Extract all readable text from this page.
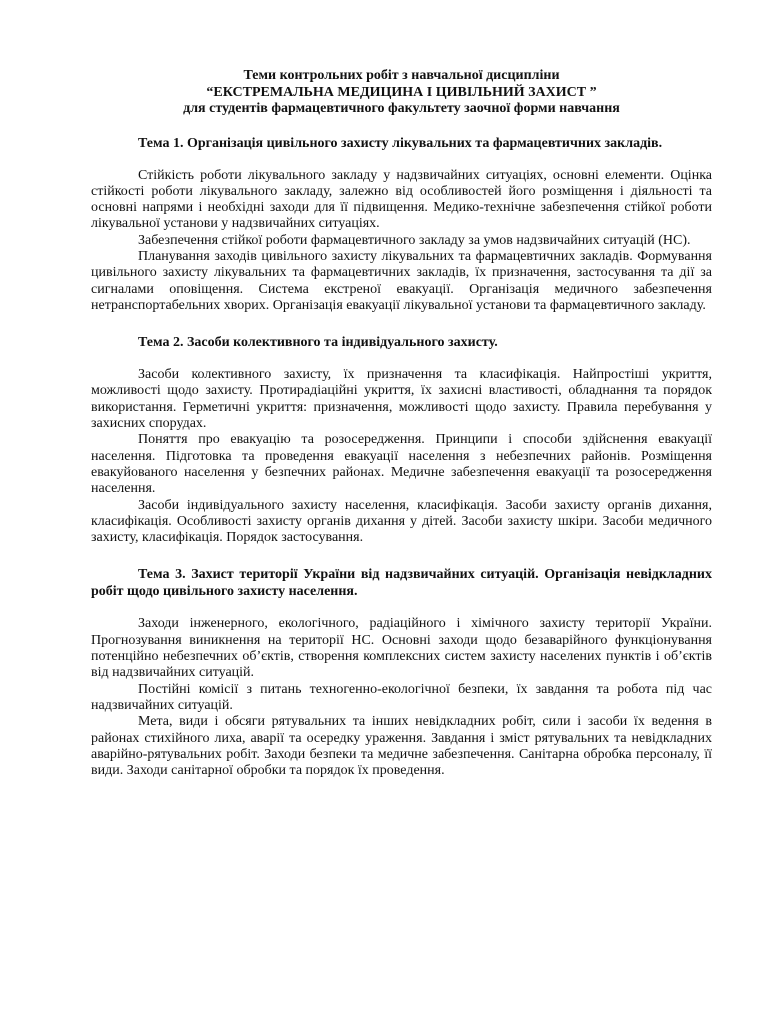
Теми контрольних робіт з навчальної дисципліни

“ЕКСТРЕМАЛЬНА МЕДИЦИНА І ЦИВІЛЬНИЙ ЗАХИСТ ”

для студентів фармацевтичного факультету заочної форми навчання

Тема 1. Організація цивільного захисту лікувальних та фармацевтичних закладів.

Стійкість роботи лікувального закладу у надзвичайних ситуаціях, основні елементи. Оцінка стійкості роботи лікувального закладу, залежно від особливостей його розміщення і діяльності та основні напрями і необхідні заходи для її підвищення. Медико-технічне забезпечення стійкої роботи лікувальної установи у надзвичайних ситуаціях.

Забезпечення стійкої роботи фармацевтичного закладу за умов надзвичайних ситуацій (НС).

Планування заходів цивільного захисту лікувальних та фармацевтичних закладів. Формування цивільного захисту лікувальних та фармацевтичних закладів, їх призначення, застосування та дії за сигналами оповіщення. Система екстреної евакуації. Організація медичного забезпечення нетранспортабельних хворих. Організація евакуації лікувальної установи та фармацевтичного закладу.

Тема 2. Засоби колективного та індивідуального захисту.

Засоби колективного захисту, їх призначення та класифікація. Найпростіші укриття, можливості щодо захисту. Протирадіаційні укриття, їх захисні властивості, обладнання та порядок використання. Герметичні укриття: призначення, можливості щодо захисту. Правила перебування у захисних спорудах.

Поняття про евакуацію та розосередження. Принципи і способи здійснення евакуації населення. Підготовка та проведення евакуації населення з небезпечних районів. Розміщення евакуйованого населення у безпечних районах. Медичне забезпечення евакуації та розосередження населення.

Засоби індивідуального захисту населення, класифікація. Засоби захисту органів дихання, класифікація. Особливості захисту органів дихання у дітей. Засоби захисту шкіри. Засоби медичного захисту, класифікація. Порядок застосування.

Тема 3. Захист території України від надзвичайних ситуацій. Організація невідкладних робіт щодо цивільного захисту населення.

Заходи інженерного, екологічного, радіаційного і хімічного захисту території України. Прогнозування виникнення на території НС. Основні заходи щодо безаварійного функціонування потенційно небезпечних об’єктів, створення комплексних систем захисту населених пунктів і об’єктів від надзвичайних ситуацій.

Постійні комісії з питань техногенно-екологічної безпеки, їх завдання та робота під час надзвичайних ситуацій.

Мета, види і обсяги рятувальних та інших невідкладних робіт, сили і засоби їх ведення в районах стихійного лиха, аварії та осередку ураження. Завдання і зміст рятувальних та невідкладних аварійно-рятувальних робіт. Заходи безпеки та медичне забезпечення. Санітарна обробка персоналу, її види. Заходи санітарної обробки та порядок їх проведення.
